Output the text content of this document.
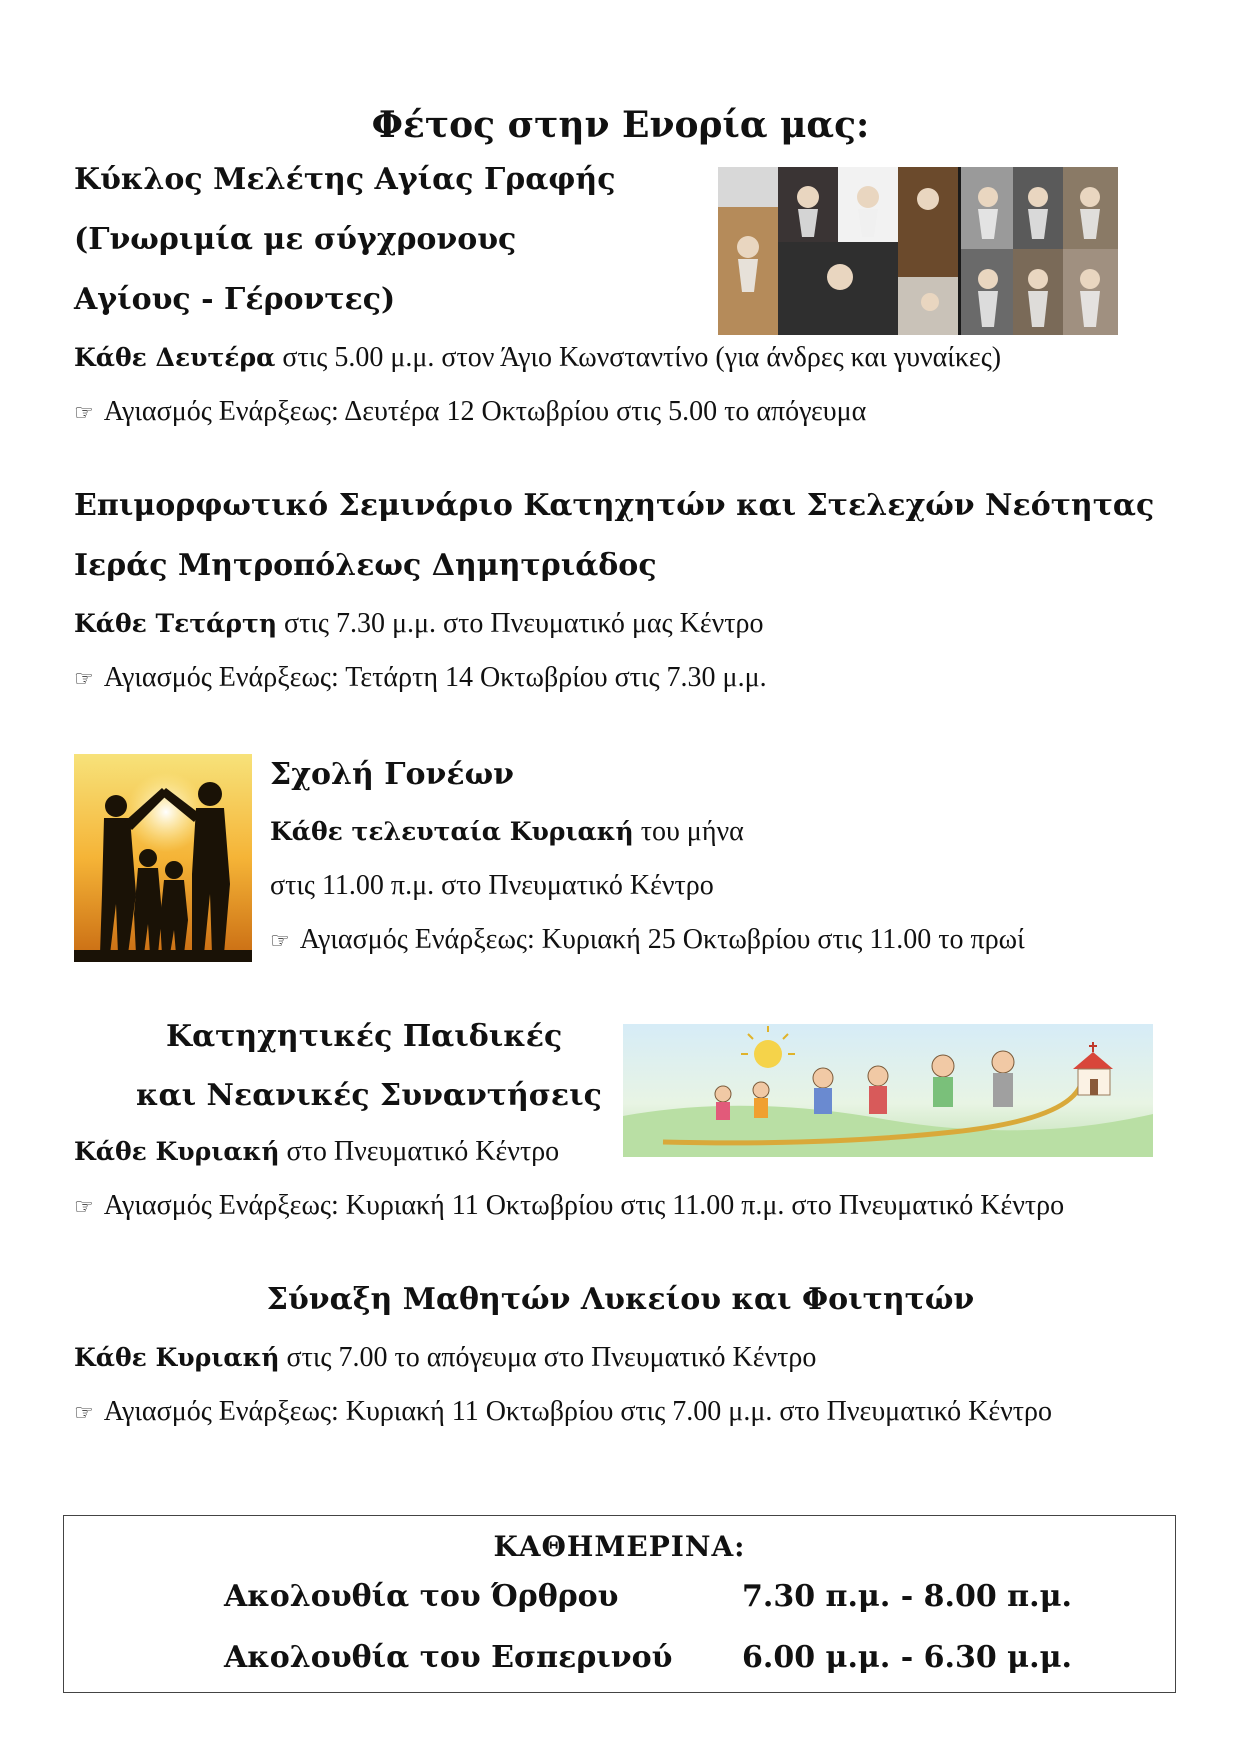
Φέτος στην Ενορία μας:
Κύκλος Μελέτης Αγίας Γραφής
(Γνωριμία με σύγχρονους
Αγίους - Γέροντες)
Κάθε Δευτέρα στις 5.00 μ.μ. στον Άγιο Κωνσταντίνο (για άνδρες και γυναίκες)
☞ Αγιασμός Ενάρξεως: Δευτέρα 12 Οκτωβρίου στις 5.00 το απόγευμα
Επιμορφωτικό Σεμινάριο Κατηχητών και Στελεχών Νεότητας
Ιεράς Μητροπόλεως Δημητριάδος
Κάθε Τετάρτη στις 7.30 μ.μ. στο Πνευματικό μας Κέντρο
☞ Αγιασμός Ενάρξεως: Τετάρτη 14 Οκτωβρίου στις 7.30 μ.μ.
Σχολή Γονέων
Κάθε τελευταία Κυριακή του μήνα
στις 11.00 π.μ. στο Πνευματικό Κέντρο
☞ Αγιασμός Ενάρξεως: Κυριακή 25 Οκτωβρίου στις 11.00 το πρωί
Κατηχητικές Παιδικές
και Νεανικές Συναντήσεις
Κάθε Κυριακή στο Πνευματικό Κέντρο
☞ Αγιασμός Ενάρξεως: Κυριακή 11 Οκτωβρίου στις 11.00 π.μ. στο Πνευματικό Κέντρο
Σύναξη Μαθητών Λυκείου και Φοιτητών
Κάθε Κυριακή στις 7.00 το απόγευμα στο Πνευματικό Κέντρο
☞ Αγιασμός Ενάρξεως: Κυριακή 11 Οκτωβρίου στις 7.00 μ.μ. στο Πνευματικό Κέντρο
ΚΑΘΗΜΕΡΙΝΑ:
Ακολουθία του Όρθρου	7.30 π.μ. - 8.00 π.μ.
Ακολουθία του Εσπερινού 6.00 μ.μ. - 6.30 μ.μ.
